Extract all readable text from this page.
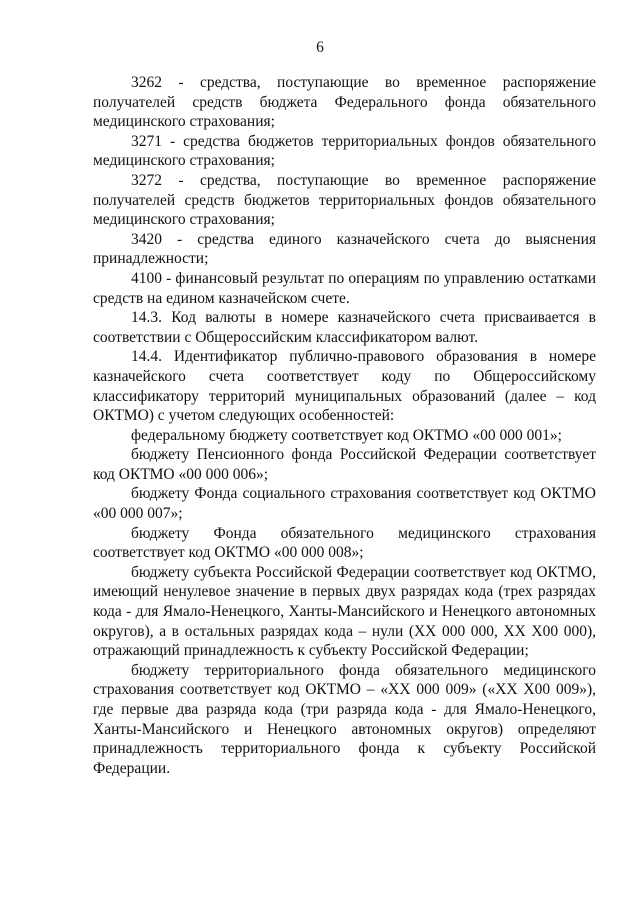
6

3262 - средства, поступающие во временное распоряжение получателей средств бюджета Федерального фонда обязательного медицинского страхования;

3271 - средства бюджетов территориальных фондов обязательного медицинского страхования;

3272 - средства, поступающие во временное распоряжение получателей средств бюджетов территориальных фондов обязательного медицинского страхования;

3420 - средства единого казначейского счета до выяснения принадлежности;

4100 - финансовый результат по операциям по управлению остатками средств на едином казначейском счете.

14.3. Код валюты в номере казначейского счета присваивается в соответствии с Общероссийским классификатором валют.

14.4. Идентификатор публично-правового образования в номере казначейского счета соответствует коду по Общероссийскому классификатору территорий муниципальных образований (далее – код ОКТМО) с учетом следующих особенностей:

федеральному бюджету соответствует код ОКТМО «00 000 001»;

бюджету Пенсионного фонда Российской Федерации соответствует код ОКТМО «00 000 006»;

бюджету Фонда социального страхования соответствует код ОКТМО «00 000 007»;

бюджету Фонда обязательного медицинского страхования соответствует код ОКТМО «00 000 008»;

бюджету субъекта Российской Федерации соответствует код ОКТМО, имеющий ненулевое значение в первых двух разрядах кода (трех разрядах кода - для Ямало-Ненецкого, Ханты-Мансийского и Ненецкого автономных округов), а в остальных разрядах кода – нули (ХХ 000 000, ХХ Х00 000), отражающий принадлежность к субъекту Российской Федерации;

бюджету территориального фонда обязательного медицинского страхования соответствует код ОКТМО – «ХХ 000 009» («ХХ Х00 009»), где первые два разряда кода (три разряда кода - для Ямало-Ненецкого, Ханты-Мансийского и Ненецкого автономных округов) определяют принадлежность территориального фонда к субъекту Российской Федерации.
